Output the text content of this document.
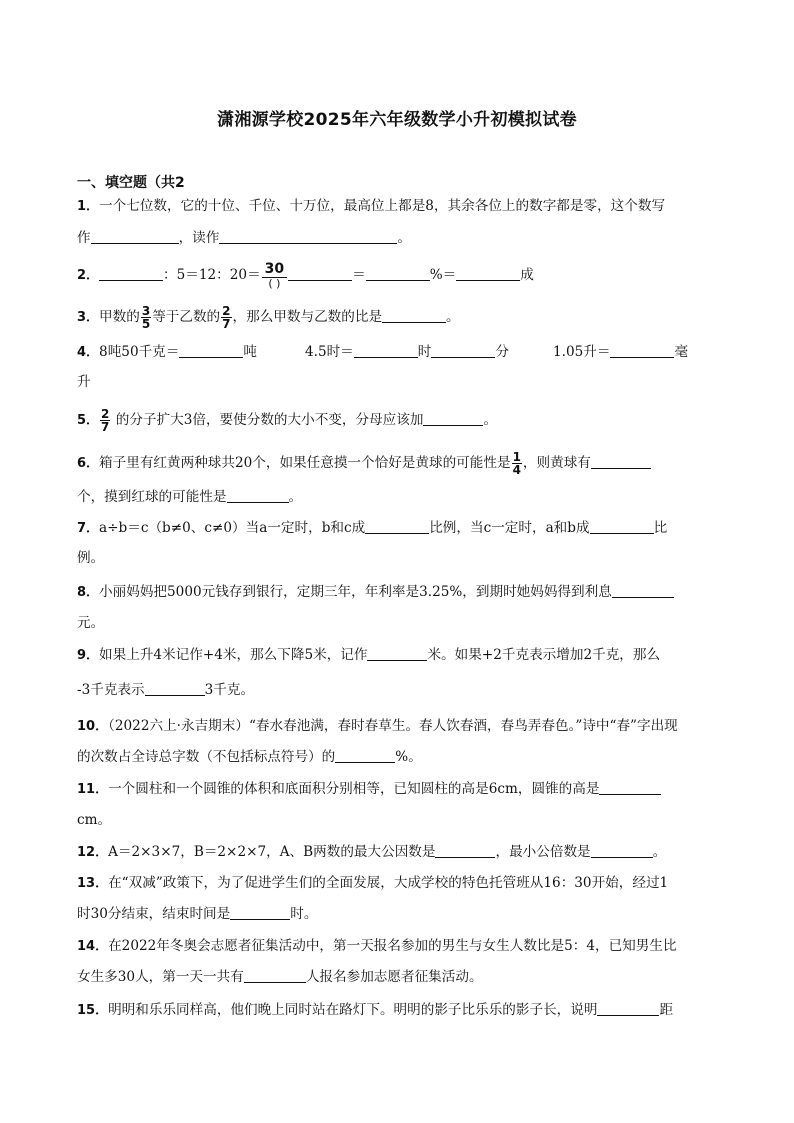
潇湘源学校2025年六年级数学小升初模拟试卷
一、填空题（共2
1．一个七位数，它的十位、千位、十万位，最高位上都是8，其余各位上的数字都是零，这个数写
作	，读作	。
2．	：5＝12：$20= \frac{30}{( )}$	＝	%＝	成
3．甲数的 $\frac{3}{5}$ 等于乙数的 $\frac{2}{7}$ ，那么甲数与乙数的比是	。
4．8吨50千克＝	吨	4.5时＝	时	分	1.05升＝	毫
升
5． $\frac{2}{7}$ 的分子扩大3倍，要使分数的大小不变，分母应该加	。
6．箱子里有红黄两种球共20个，如果任意摸一个恰好是黄球的可能性是 $\frac{1}{4}$ ，则黄球有
个，摸到红球的可能性是	。
7．a÷b＝c（b≠0、c≠0）当a一定时，b和c成	比例，当c一定时，a和b成	比
例。
8．小丽妈妈把5000元钱存到银行，定期三年，年利率是3.25%，到期时她妈妈得到利息
元。
9．如果上升4米记作+4米，那么下降5米，记作	米。如果+2千克表示增加2千克，那么
-3千克表示	3千克。
10．（2022六上·永吉期末）“春水春池满，春时春草生。春人饮春酒，春鸟弄春色。”诗中“春”字出现
的次数占全诗总字数（不包括标点符号）的	%。
11．一个圆柱和一个圆锥的体积和底面积分别相等，已知圆柱的高是6cm，圆锥的高是
cm。
12．A＝2×3×7，B＝2×2×7，A、B两数的最大公因数是	，最小公倍数是	。
13．在“双减”政策下，为了促进学生们的全面发展，大成学校的特色托管班从16：30开始，经过1
时30分结束，结束时间是	时。
14．在2022年冬奥会志愿者征集活动中，第一天报名参加的男生与女生人数比是5：4，已知男生比
女生多30人，第一天一共有	人报名参加志愿者征集活动。
15．明明和乐乐同样高，他们晚上同时站在路灯下。明明的影子比乐乐的影子长，说明	距
